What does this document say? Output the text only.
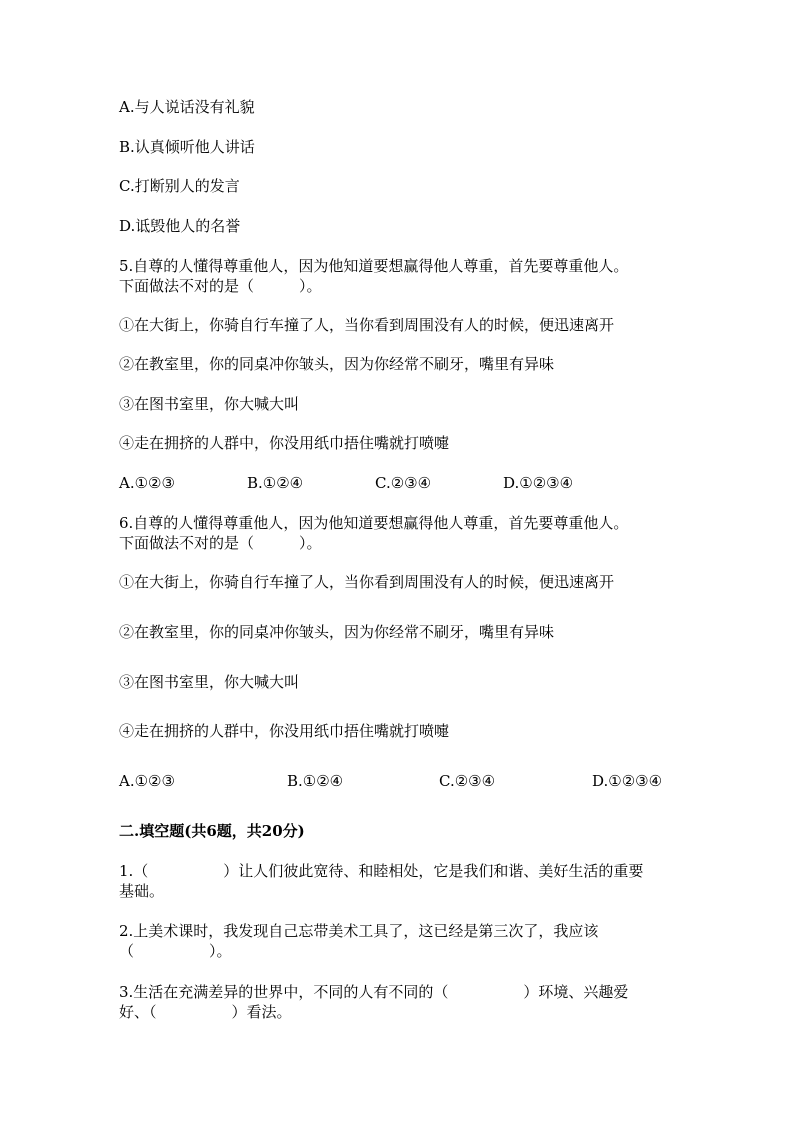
A.与人说话没有礼貌
B.认真倾听他人讲话
C.打断别人的发言
D.诋毁他人的名誉
5.自尊的人懂得尊重他人，因为他知道要想赢得他人尊重，首先要尊重他人。
下面做法不对的是（　　　）。
①在大街上，你骑自行车撞了人，当你看到周围没有人的时候，便迅速离开
②在教室里，你的同桌冲你皱头，因为你经常不刷牙，嘴里有异味
③在图书室里，你大喊大叫
④走在拥挤的人群中，你没用纸巾捂住嘴就打喷嚏
A.①②③	B.①②④	C.②③④	D.①②③④
6.自尊的人懂得尊重他人，因为他知道要想赢得他人尊重，首先要尊重他人。
下面做法不对的是（　　　）。
①在大街上，你骑自行车撞了人，当你看到周围没有人的时候，便迅速离开
②在教室里，你的同桌冲你皱头，因为你经常不刷牙，嘴里有异味
③在图书室里，你大喊大叫
④走在拥挤的人群中，你没用纸巾捂住嘴就打喷嚏
A.①②③	B.①②④	C.②③④	D.①②③④
二.填空题(共6题，共20分)
1.（　　　　　）让人们彼此宽待、和睦相处，它是我们和谐、美好生活的重要
基础。
2.上美术课时，我发现自己忘带美术工具了，这已经是第三次了，我应该
（　　　　　）。
3.生活在充满差异的世界中，不同的人有不同的（　　　　　）环境、兴趣爱
好、（　　　　　）看法。
